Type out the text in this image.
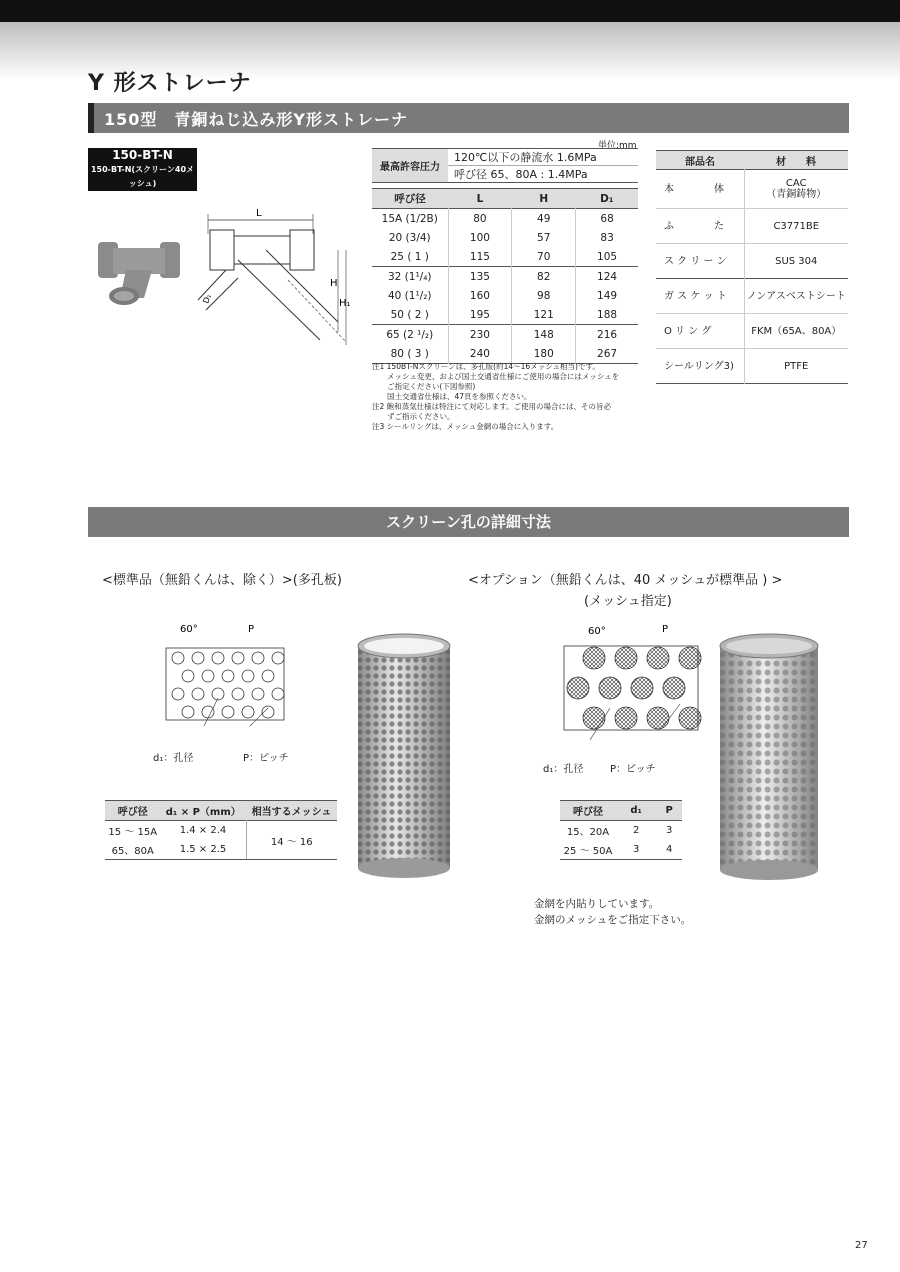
Y 形ストレーナ
150型　青銅ねじ込み形Y形ストレーナ
150-BT-N
150-BT-N(スクリーン40メッシュ)
L
H
H₁
D₁
単位:mm
最高許容圧力	120℃以下の静流水 1.6MPa
呼び径 65、80A : 1.4MPa
呼び径	L	H	D₁
15A (1/2B)	80	49	68
20 (3/4)	100	57	83
25 ( 1 )	115	70	105
32 (1¹/₄)	135	82	124
40 (1¹/₂)	160	98	149
50 ( 2 )	195	121	188
65 (2 ¹/₂)	230	148	216
80 ( 3 )	240	180	267
部品名	材　　料
本　　　　体	CAC
（青銅鋳物）
ふ　　　　た	C3771BE
ス ク リ ー ン	SUS 304
ガ ス ケ ッ ト	ノンアスベストシート
O リ ン グ	FKM（65A、80A）
シールリング3)	PTFE
注1 150BT-Nスクリーンは、多孔版(約14～16メッシュ相当)です。
　　メッシュ変更、および国土交通省仕様にご使用の場合にはメッシュを
　　ご指定ください(下図参照)
　　国土交通省仕様は、47頁を参照ください。
注2 飽和蒸気仕様は特注にて対応します。ご使用の場合には、その旨必
　　ずご指示ください。
注3 シールリングは、メッシュ金網の場合に入ります。
スクリーン孔の詳細寸法
<標準品（無鉛くんは、除く）>(多孔板)
60°	P
d₁：孔径	P：ピッチ
呼び径	d₁ × P（mm）	相当するメッシュ
15 ～ 15A	1.4 × 2.4	14 ～ 16
65、80A	1.5 × 2.5	
<オプション（無鉛くんは、40 メッシュが標準品 ) >
(メッシュ指定)
60°	P
d₁：孔径	P：ピッチ
呼び径	d₁	P
15、20A	2	3
25 ～ 50A	3	4
金網を内貼りしています。
金網のメッシュをご指定下さい。
27
